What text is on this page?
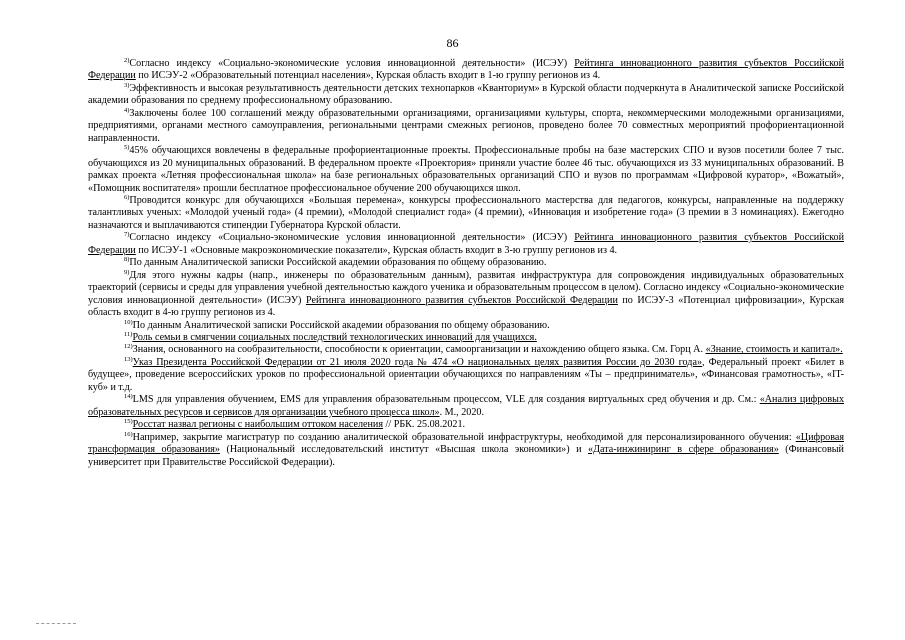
86

$^{2)}$Согласно индексу «Социально-экономические условия инновационной деятельности» (ИСЭУ) Рейтинга инновационного развития субъектов Российской Федерации по ИСЭУ-2 «Образовательный потенциал населения», Курская область входит в 1-ю группу регионов из 4.

$^{3)}$Эффективность и высокая результативность деятельности детских технопарков «Кванториум» в Курской области подчеркнута в Аналитической записке Российской академии образования по среднему профессиональному образованию.

$^{4)}$Заключены более 100 соглашений между образовательными организациями, организациями культуры, спорта, некоммерческими молодежными организациями, предприятиями, органами местного самоуправления, региональными центрами смежных регионов, проведено более 70 совместных мероприятий профориентационной направленности.

$^{5)}$45% обучающихся вовлечены в федеральные профориентационные проекты. Профессиональные пробы на базе мастерских СПО и вузов посетили более 7 тыс. обучающихся из 20 муниципальных образований. В федеральном проекте «Проектория» приняли участие более 46 тыс. обучающихся из 33 муниципальных образований. В рамках проекта «Летняя профессиональная школа» на базе региональных образовательных организаций СПО и вузов по программам «Цифровой куратор», «Вожатый», «Помощник воспитателя» прошли бесплатное профессиональное обучение 200 обучающихся школ.

$^{6)}$Проводится конкурс для обучающихся «Большая перемена», конкурсы профессионального мастерства для педагогов, конкурсы, направленные на поддержку талантливых ученых: «Молодой ученый года» (4 премии), «Молодой специалист года» (4 премии), «Инновация и изобретение года» (3 премии в 3 номинациях). Ежегодно назначаются и выплачиваются стипендии Губернатора Курской области.

$^{7)}$Согласно индексу «Социально-экономические условия инновационной деятельности» (ИСЭУ) Рейтинга инновационного развития субъектов Российской Федерации по ИСЭУ-1 «Основные макроэкономические показатели», Курская область входит в 3-ю группу регионов из 4.

$^{8)}$По данным Аналитической записки Российской академии образования по общему образованию.

$^{9)}$Для этого нужны кадры (напр., инженеры по образовательным данным), развитая инфраструктура для сопровождения индивидуальных образовательных траекторий (сервисы и среды для управления учебной деятельностью каждого ученика и образовательным процессом в целом). Согласно индексу «Социально-экономические условия инновационной деятельности» (ИСЭУ) Рейтинга инновационного развития субъектов Российской Федерации по ИСЭУ-3 «Потенциал цифровизации», Курская область входит в 4-ю группу регионов из 4.

$^{10)}$По данным Аналитической записки Российской академии образования по общему образованию.

$^{11)}$Роль семьи в смягчении социальных последствий технологических инноваций для учащихся.

$^{12)}$Знания, основанного на сообразительности, способности к ориентации, самоорганизации и нахождению общего языка. См. Горц А. «Знание, стоимость и капитал».

$^{13)}$Указ Президента Российской Федерации от 21 июля 2020 года № 474 «О национальных целях развития России до 2030 года», Федеральный проект «Билет в будущее», проведение всероссийских уроков по профессиональной ориентации обучающихся по направлениям «Ты – предприниматель», «Финансовая грамотность», «IT-куб» и т.д.

$^{14)}$LMS для управления обучением, EMS для управления образовательным процессом, VLE для создания виртуальных сред обучения и др. См.: «Анализ цифровых образовательных ресурсов и сервисов для организации учебного процесса школ». М., 2020.

$^{15)}$Росстат назвал регионы с наибольшим оттоком населения // РБК. 25.08.2021.

$^{16)}$Например, закрытие магистратур по созданию аналитической образовательной инфраструктуры, необходимой для персонализированного обучения: «Цифровая трансформация образования» (Национальный исследовательский институт «Высшая школа экономики») и «Дата-инжиниринг в сфере образования» (Финансовый университет при Правительстве Российской Федерации).
